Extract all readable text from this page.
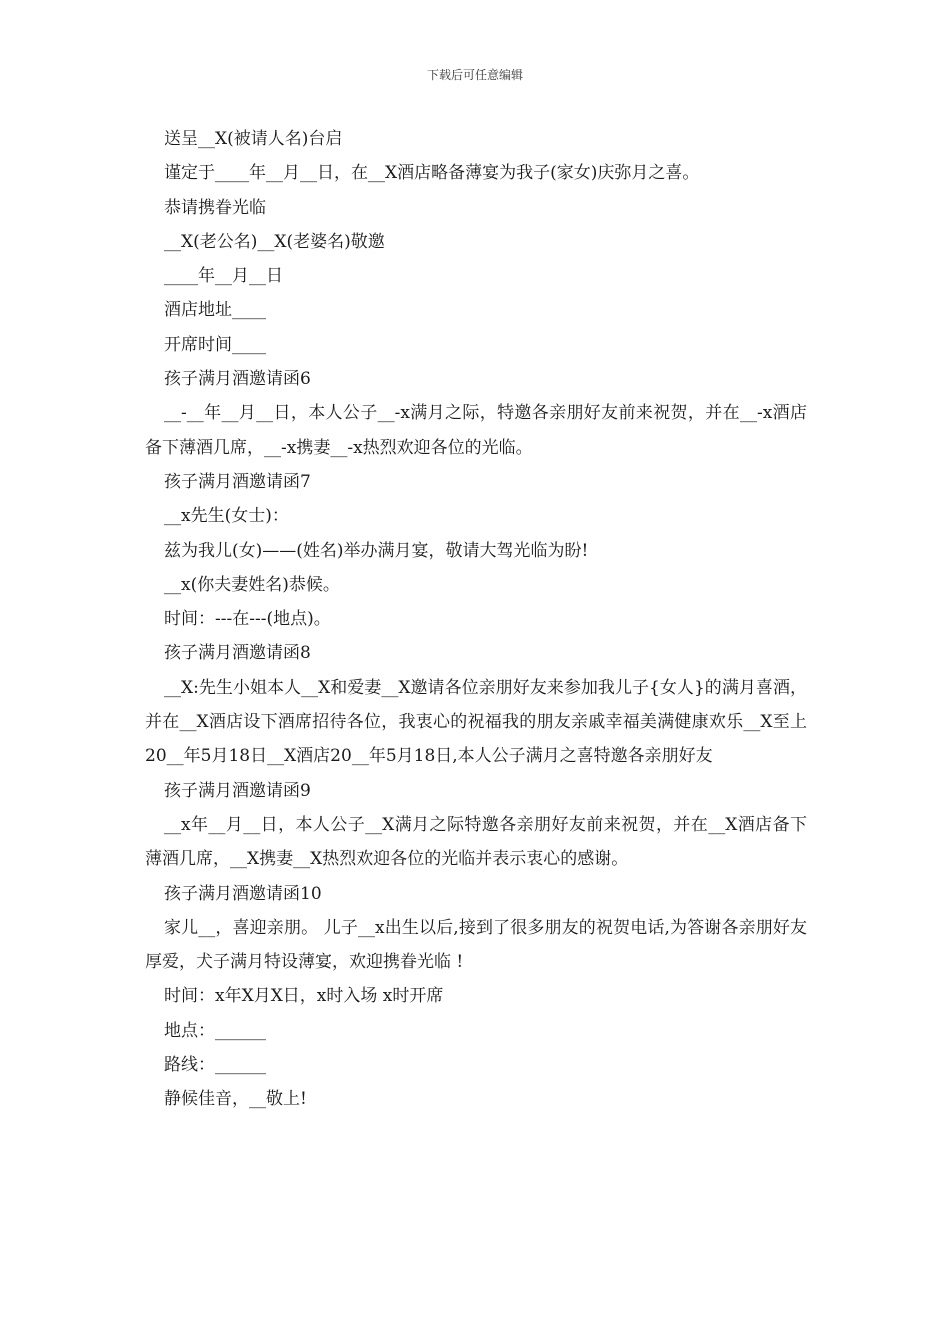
下载后可任意编辑

送呈__X(被请人名)台启

谨定于____年__月__日，在__X酒店略备薄宴为我子(家女)庆弥月之喜。

恭请携眷光临

__X(老公名)__X(老婆名)敬邀

____年__月__日

酒店地址____

开席时间____

孩子满月酒邀请函6

__-__年__月__日，本人公子__-x满月之际，特邀各亲朋好友前来祝贺，并在__-x酒店备下薄酒几席，__-x携妻__-x热烈欢迎各位的光临。

孩子满月酒邀请函7

__x先生(女士)：

兹为我儿(女)——(姓名)举办满月宴，敬请大驾光临为盼!

__x(你夫妻姓名)恭候。

时间：---在---(地点)。

孩子满月酒邀请函8

__X:先生小姐本人__X和爱妻__X邀请各位亲朋好友来参加我儿子{女人}的满月喜酒，并在__X酒店设下酒席招待各位，我衷心的祝福我的朋友亲戚幸福美满健康欢乐__X至上20__年5月18日__X酒店20__年5月18日,本人公子满月之喜特邀各亲朋好友

孩子满月酒邀请函9

__x年__月__日，本人公子__X满月之际特邀各亲朋好友前来祝贺，并在__X酒店备下薄酒几席，__X携妻__X热烈欢迎各位的光临并表示衷心的感谢。

孩子满月酒邀请函10

家儿__，喜迎亲朋。 儿子__x出生以后,接到了很多朋友的祝贺电话,为答谢各亲朋好友厚爱，犬子满月特设薄宴，欢迎携眷光临 !

时间：x年X月X日，x时入场 x时开席

地点：______

路线：______

静候佳音，__敬上!
